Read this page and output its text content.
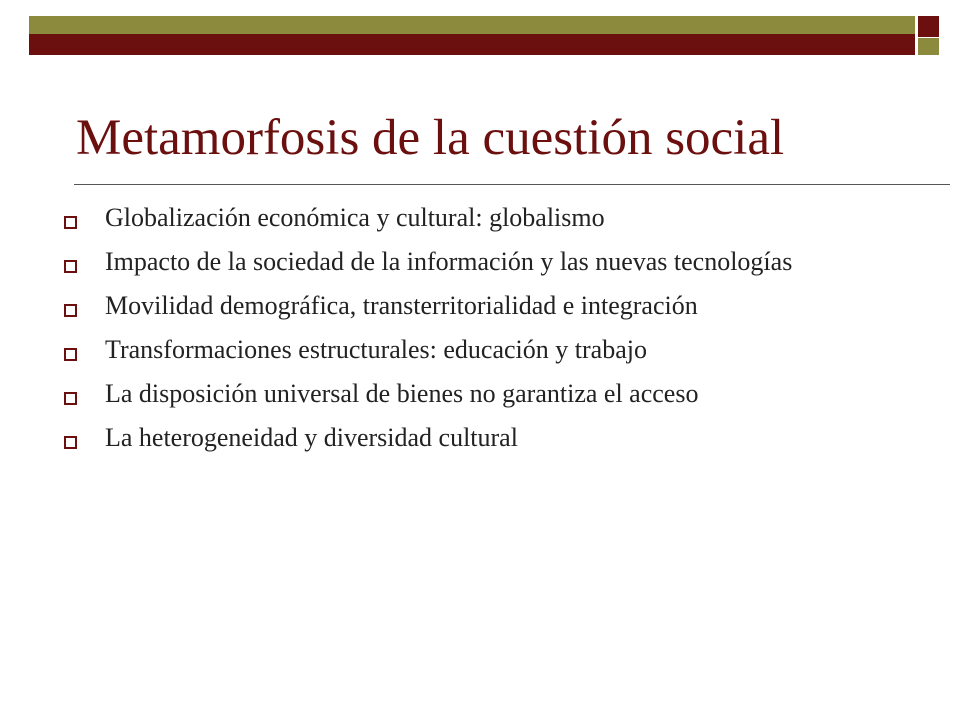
Metamorfosis de la cuestión social
Globalización económica y cultural: globalismo
Impacto de la sociedad de la información y las nuevas tecnologías
Movilidad demográfica, transterritorialidad e integración
Transformaciones estructurales: educación y trabajo
La disposición universal de bienes no garantiza el acceso
La heterogeneidad y diversidad cultural
